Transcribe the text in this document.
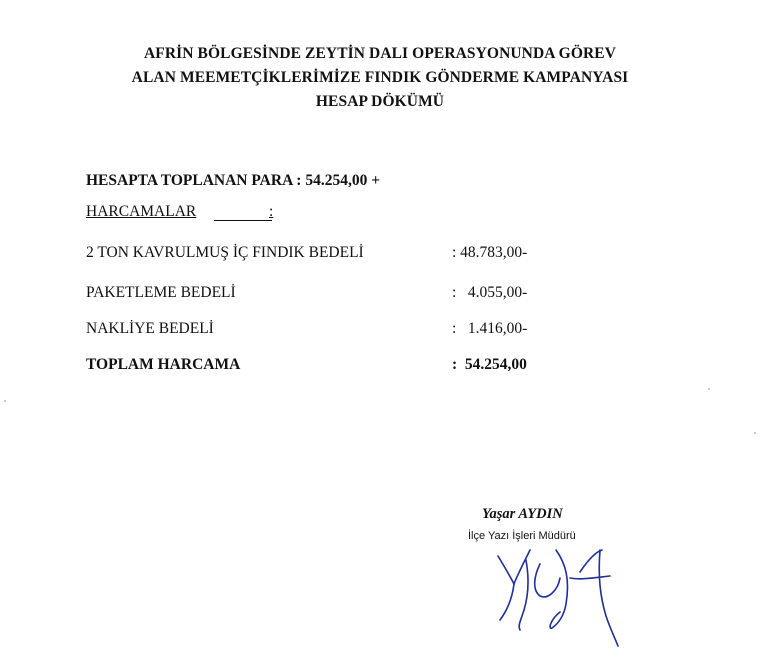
AFRİN BÖLGESİNDE ZEYTİN DALI OPERASYONUNDA GÖREV
ALAN MEEMETÇİKLERİMİZE FINDIK GÖNDERME KAMPANYASI
HESAP DÖKÜMÜ
HESAPTA TOPLANAN PARA : 54.254,00 +
HARCAMALAR	:
2 TON KAVRULMUŞ İÇ FINDIK BEDELİ	: 48.783,00-
PAKETLEME BEDELİ	:   4.055,00-
NAKLİYE BEDELİ	:   1.416,00-
TOPLAM HARCAMA	:  54.254,00
Yaşar AYDIN
İlçe Yazı İşleri Müdürü
